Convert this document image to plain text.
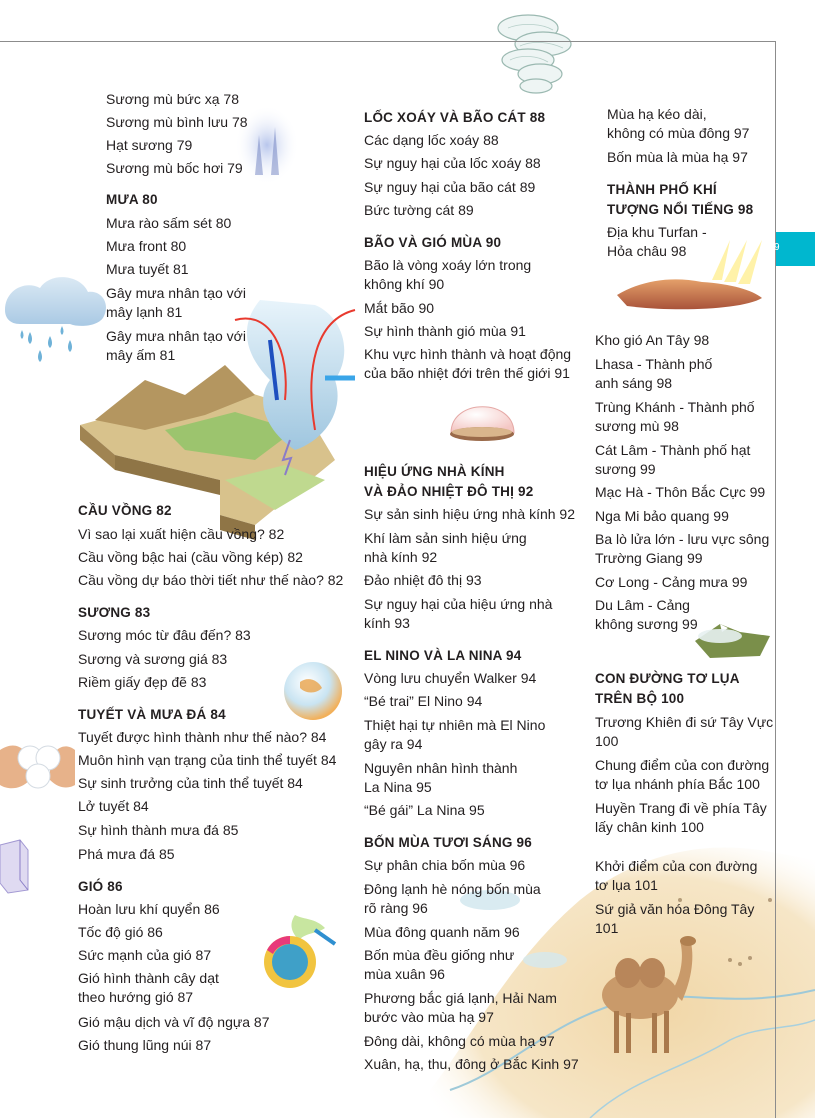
9
Sương mù bức xạ 78
Sương mù bình lưu 78
Hạt sương 79
Sương mù bốc hơi 79
MƯA 80
Mưa rào sấm sét 80
Mưa front 80
Mưa tuyết 81
Gây mưa nhân tạo với
mây lạnh 81
Gây mưa nhân tạo với
mây ấm 81
CẦU VỒNG 82
Vì sao lại xuất hiện cầu vồng? 82
Cầu vồng bậc hai (cầu vồng kép) 82
Cầu vồng dự báo thời tiết như thế nào? 82
SƯƠNG 83
Sương móc từ đâu đến? 83
Sương và sương giá 83
Riềm giấy đẹp đẽ 83
TUYẾT VÀ MƯA ĐÁ 84
Tuyết được hình thành như thế nào? 84
Muôn hình vạn trạng của tinh thể tuyết 84
Sự sinh trưởng của tinh thể tuyết 84
Lở tuyết 84
Sự hình thành mưa đá 85
Phá mưa đá 85
GIÓ 86
Hoàn lưu khí quyển 86
Tốc độ gió 86
Sức mạnh của gió 87
Gió hình thành cây dạt
theo hướng gió 87
Gió mậu dịch và vĩ độ ngựa 87
Gió thung lũng núi 87
LỐC XOÁY VÀ BÃO CÁT 88
Các dạng lốc xoáy 88
Sự nguy hại của lốc xoáy 88
Sự nguy hại của bão cát 89
Bức tường cát 89
BÃO VÀ GIÓ MÙA 90
Bão là vòng xoáy lớn trong
không khí 90
Mắt bão 90
Sự hình thành gió mùa 91
Khu vực hình thành và hoạt động
của bão nhiệt đới trên thế giới 91
HIỆU ỨNG NHÀ KÍNH
VÀ ĐẢO NHIỆT ĐÔ THỊ 92
Sự sản sinh hiệu ứng nhà kính 92
Khí làm sản sinh hiệu ứng
nhà kính 92
Đảo nhiệt đô thị 93
Sự nguy hại của hiệu ứng nhà
kính 93
EL NINO VÀ LA NINA 94
Vòng lưu chuyển Walker 94
“Bé trai” El Nino 94
Thiệt hại tự nhiên mà El Nino
gây ra 94
Nguyên nhân hình thành
La Nina 95
“Bé gái” La Nina 95
BỐN MÙA TƯƠI SÁNG 96
Sự phân chia bốn mùa 96
Đông lạnh hè nóng bốn mùa
rõ ràng 96
Mùa đông quanh năm 96
Bốn mùa đều giống như
mùa xuân 96
Phương bắc giá lạnh, Hải Nam
bước vào mùa hạ 97
Đông dài, không có mùa hạ 97
Xuân, hạ, thu, đông ở Bắc Kinh 97
Mùa hạ kéo dài,
không có mùa đông 97
Bốn mùa là mùa hạ 97
THÀNH PHỐ KHÍ
TƯỢNG NỔI TIẾNG 98
Địa khu Turfan -
Hỏa châu 98
Kho gió An Tây 98
Lhasa - Thành phố
anh sáng 98
Trùng Khánh - Thành phố
sương mù 98
Cát Lâm - Thành phố hạt
sương 99
Mạc Hà - Thôn Bắc Cực 99
Nga Mi bảo quang 99
Ba lò lửa lớn - lưu vực sông
Trường Giang 99
Cơ Long - Cảng mưa 99
Du Lâm - Cảng
không sương 99
CON ĐƯỜNG TƠ LỤA
TRÊN BỘ 100
Trương Khiên đi sứ Tây Vực
100
Chung điểm của con đường
tơ lụa nhánh phía Bắc 100
Huyền Trang đi về phía Tây
lấy chân kinh 100
Khởi điểm của con đường
tơ lụa 101
Sứ giả văn hóa Đông Tây
101
